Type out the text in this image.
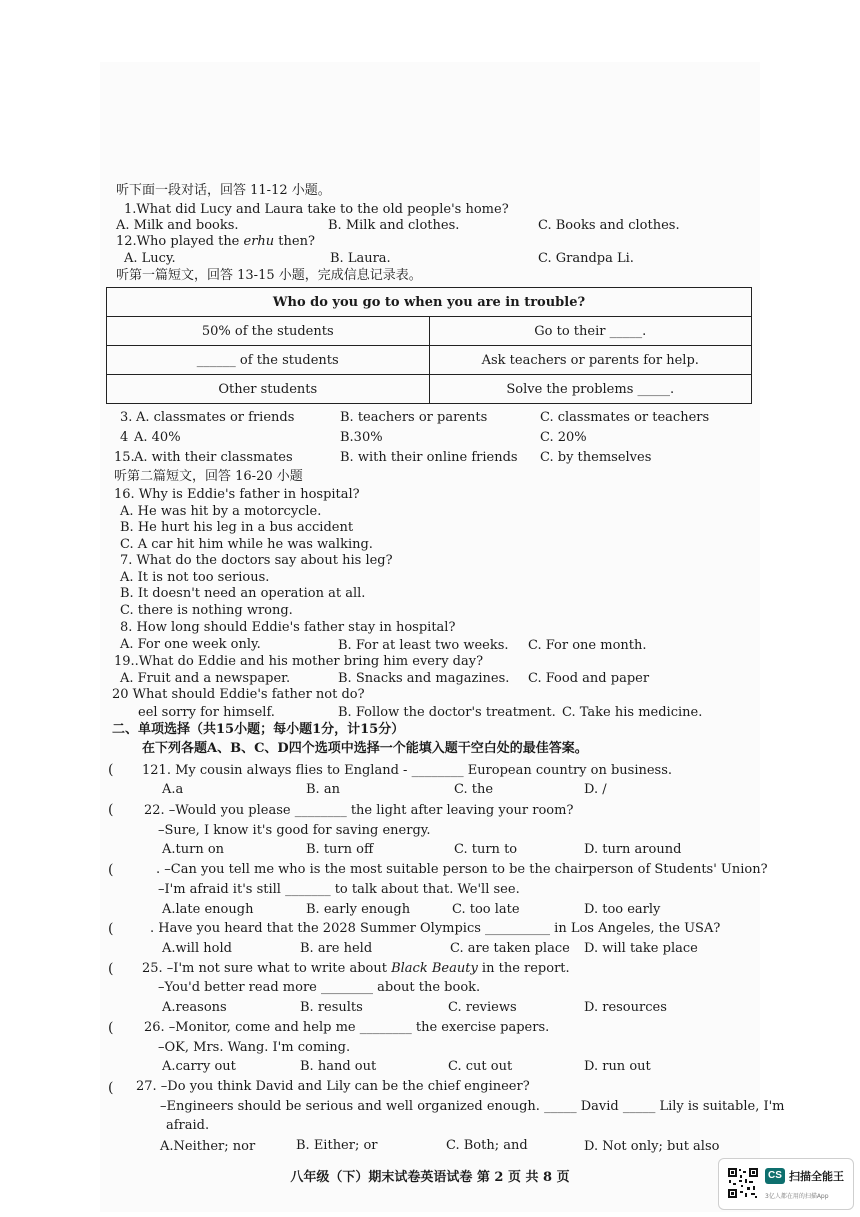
听下面一段对话，回答 11-12 小题。
1.What did Lucy and Laura take to the old people's home?
A. Milk and books.	B. Milk and clothes.	C. Books and clothes.
12.Who played the erhu then?
A. Lucy.	B. Laura.	C. Grandpa Li.
听第一篇短文，回答 13-15 小题，完成信息记录表。
Who do you go to when you are in trouble?	
50% of the students	Go to their _____.
______ of the students	Ask teachers or parents for help.
Other students	Solve the problems _____.
3. A. classmates or friends	B. teachers or parents	C. classmates or teachers
4 A. 40%	B.30%	C. 20%
15. A. with their classmates	B. with their online friends C. by themselves
听第二篇短文，回答 16-20 小题
16. Why is Eddie's father in hospital?
A. He was hit by a motorcycle.
B. He hurt his leg in a bus accident
C. A car hit him while he was walking.
7. What do the doctors say about his leg?
A. It is not too serious.
B. It doesn't need an operation at all.
C. there is nothing wrong.
8. How long should Eddie's father stay in hospital?
A. For one week only.	B. For at least two weeks. C. For one month.
19..What do Eddie and his mother bring him every day?
A. Fruit and a newspaper.	B. Snacks and magazines. C. Food and paper
20 What should Eddie's father not do?
eel sorry for himself.	B. Follow the doctor's treatment. C. Take his medicine.
二、单项选择（共15小题；每小题1分，计15分）
在下列各题A、B、C、D四个选项中选择一个能填入题干空白处的最佳答案。
( 121. My cousin always flies to England - ________ European country on business.
A.a	B. an	C. the	D. /
( 22. –Would you please ________ the light after leaving your room?
–Sure, I know it's good for saving energy.
A.turn on	B. turn off	C. turn to	D. turn around
(	. –Can you tell me who is the most suitable person to be the chairperson of Students' Union?
–I'm afraid it's still _______ to talk about that. We'll see.
A.late enough	B. early enough	C. too late	D. too early
(	. Have you heard that the 2028 Summer Olympics __________ in Los Angeles, the USA?
A.will hold	B. are held	C. are taken place D. will take place
( 25. –I'm not sure what to write about Black Beauty in the report.
–You'd better read more ________ about the book.
A.reasons	B. results	C. reviews	D. resources
( 26. –Monitor, come and help me ________ the exercise papers.
–OK, Mrs. Wang. I'm coming.
A.carry out	B. hand out	C. cut out	D. run out
( 27. –Do you think David and Lily can be the chief engineer?
–Engineers should be serious and well organized enough. _____ David _____ Lily is suitable, I'm
afraid.
A.Neither; nor	B. Either; or	C. Both; and	D. Not only; but also
八年级（下）期末试卷英语试卷 第 2 页 共 8 页	CS 扫描全能王
3亿人都在用的扫描App
